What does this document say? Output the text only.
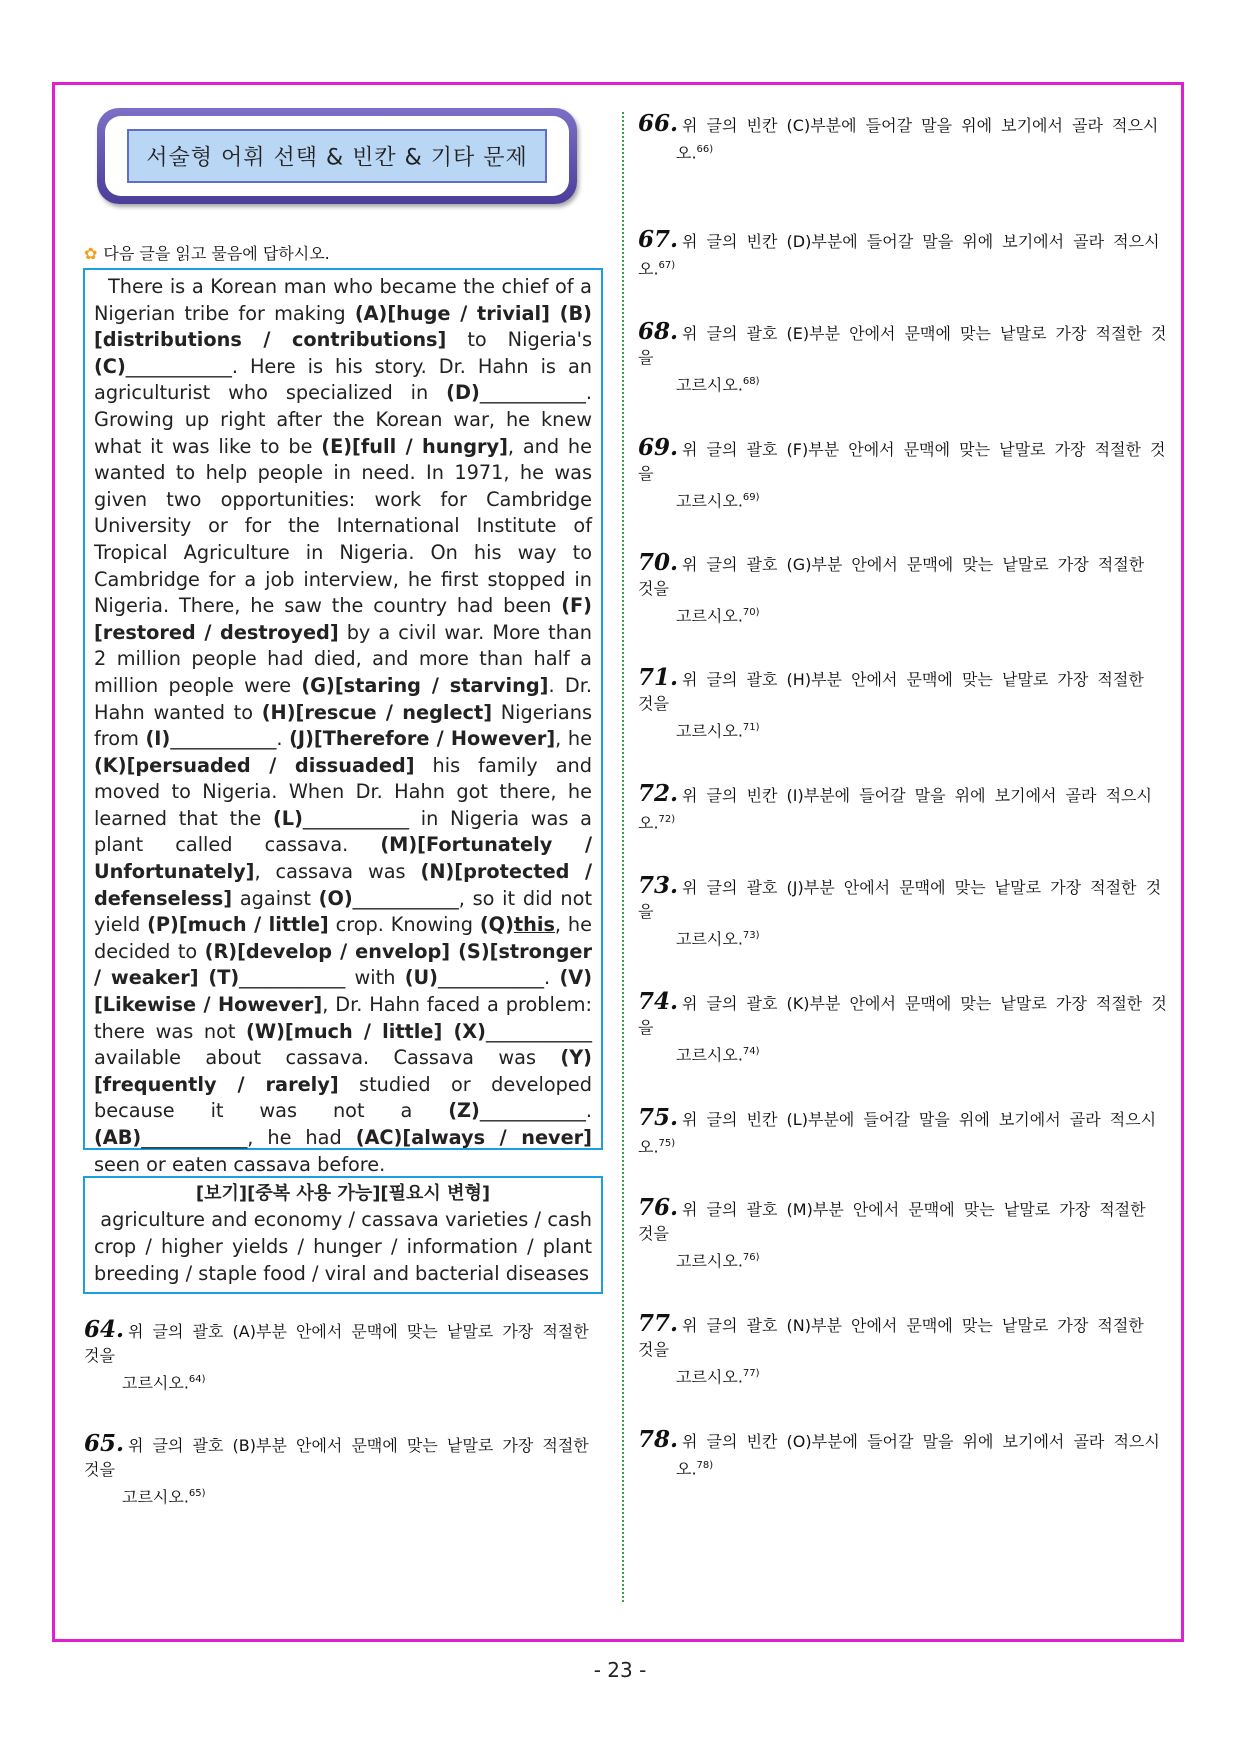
서술형 어휘 선택 & 빈칸 & 기타 문제
✿ 다음 글을 읽고 물음에 답하시오.
There is a Korean man who became the chief of a Nigerian tribe for making (A)[huge / trivial] (B)[distributions / contributions] to Nigeria's (C)___________. Here is his story. Dr. Hahn is an agriculturist who specialized in (D)___________. Growing up right after the Korean war, he knew what it was like to be (E)[full / hungry], and he wanted to help people in need. In 1971, he was given two opportunities: work for Cambridge University or for the International Institute of Tropical Agriculture in Nigeria. On his way to Cambridge for a job interview, he first stopped in Nigeria. There, he saw the country had been (F)[restored / destroyed] by a civil war. More than 2 million people had died, and more than half a million people were (G)[staring / starving]. Dr. Hahn wanted to (H)[rescue / neglect] Nigerians from (I)___________. (J)[Therefore / However], he (K)[persuaded / dissuaded] his family and moved to Nigeria. When Dr. Hahn got there, he learned that the (L)___________ in Nigeria was a plant called cassava. (M)[Fortunately / Unfortunately], cassava was (N)[protected / defenseless] against (O)___________, so it did not yield (P)[much / little] crop. Knowing (Q)this, he decided to (R)[develop / envelop] (S)[stronger / weaker] (T)___________ with (U)___________. (V)[Likewise / However], Dr. Hahn faced a problem: there was not (W)[much / little] (X)___________ available about cassava. Cassava was (Y)[frequently / rarely] studied or developed because it was not a (Z)___________. (AB)___________, he had (AC)[always / never] seen or eaten cassava before.
[보기][중복 사용 가능][필요시 변형]
agriculture and economy / cassava varieties / cash crop / higher yields / hunger / information / plant breeding / staple food / viral and bacterial diseases
64. 위 글의 괄호 (A)부분 안에서 문맥에 맞는 낱말로 가장 적절한 것을
고르시오.$^{64)}$
65. 위 글의 괄호 (B)부분 안에서 문맥에 맞는 낱말로 가장 적절한 것을
고르시오.$^{65)}$
66. 위 글의 빈칸 (C)부분에 들어갈 말을 위에 보기에서 골라 적으시
오.$^{66)}$
67. 위 글의 빈칸 (D)부분에 들어갈 말을 위에 보기에서 골라 적으시오.$^{67)}$
68. 위 글의 괄호 (E)부분 안에서 문맥에 맞는 낱말로 가장 적절한 것을
고르시오.$^{68)}$
69. 위 글의 괄호 (F)부분 안에서 문맥에 맞는 낱말로 가장 적절한 것을
고르시오.$^{69)}$
70. 위 글의 괄호 (G)부분 안에서 문맥에 맞는 낱말로 가장 적절한 것을
고르시오.$^{70)}$
71. 위 글의 괄호 (H)부분 안에서 문맥에 맞는 낱말로 가장 적절한 것을
고르시오.$^{71)}$
72. 위 글의 빈칸 (I)부분에 들어갈 말을 위에 보기에서 골라 적으시오.$^{72)}$
73. 위 글의 괄호 (J)부분 안에서 문맥에 맞는 낱말로 가장 적절한 것을
고르시오.$^{73)}$
74. 위 글의 괄호 (K)부분 안에서 문맥에 맞는 낱말로 가장 적절한 것을
고르시오.$^{74)}$
75. 위 글의 빈칸 (L)부분에 들어갈 말을 위에 보기에서 골라 적으시오.$^{75)}$
76. 위 글의 괄호 (M)부분 안에서 문맥에 맞는 낱말로 가장 적절한 것을
고르시오.$^{76)}$
77. 위 글의 괄호 (N)부분 안에서 문맥에 맞는 낱말로 가장 적절한 것을
고르시오.$^{77)}$
78. 위 글의 빈칸 (O)부분에 들어갈 말을 위에 보기에서 골라 적으시
오.$^{78)}$
- 23 -
